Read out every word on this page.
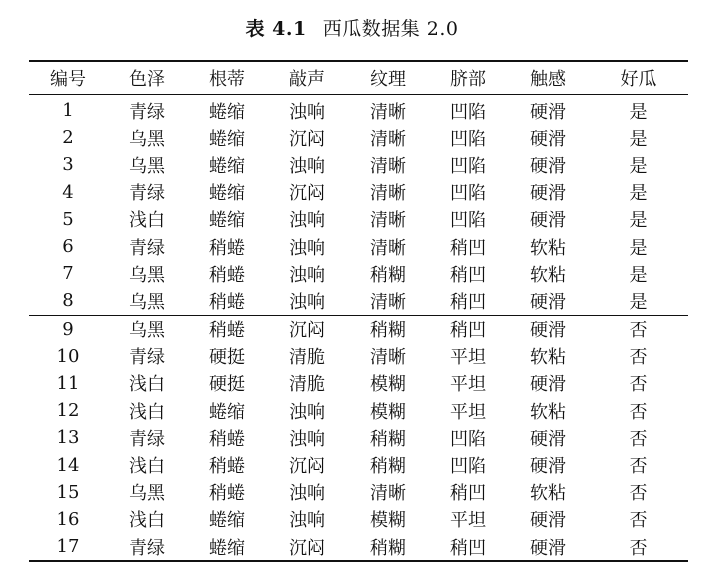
表 4.1 西瓜数据集 2.0
编号	色泽	根蒂	敲声	纹理	脐部	触感	好瓜
1	青绿	蜷缩	浊响	清晰	凹陷	硬滑	是
2	乌黑	蜷缩	沉闷	清晰	凹陷	硬滑	是
3	乌黑	蜷缩	浊响	清晰	凹陷	硬滑	是
4	青绿	蜷缩	沉闷	清晰	凹陷	硬滑	是
5	浅白	蜷缩	浊响	清晰	凹陷	硬滑	是
6	青绿	稍蜷	浊响	清晰	稍凹	软粘	是
7	乌黑	稍蜷	浊响	稍糊	稍凹	软粘	是
8	乌黑	稍蜷	浊响	清晰	稍凹	硬滑	是
9	乌黑	稍蜷	沉闷	稍糊	稍凹	硬滑	否
10	青绿	硬挺	清脆	清晰	平坦	软粘	否
11	浅白	硬挺	清脆	模糊	平坦	硬滑	否
12	浅白	蜷缩	浊响	模糊	平坦	软粘	否
13	青绿	稍蜷	浊响	稍糊	凹陷	硬滑	否
14	浅白	稍蜷	沉闷	稍糊	凹陷	硬滑	否
15	乌黑	稍蜷	浊响	清晰	稍凹	软粘	否
16	浅白	蜷缩	浊响	模糊	平坦	硬滑	否
17	青绿	蜷缩	沉闷	稍糊	稍凹	硬滑	否
